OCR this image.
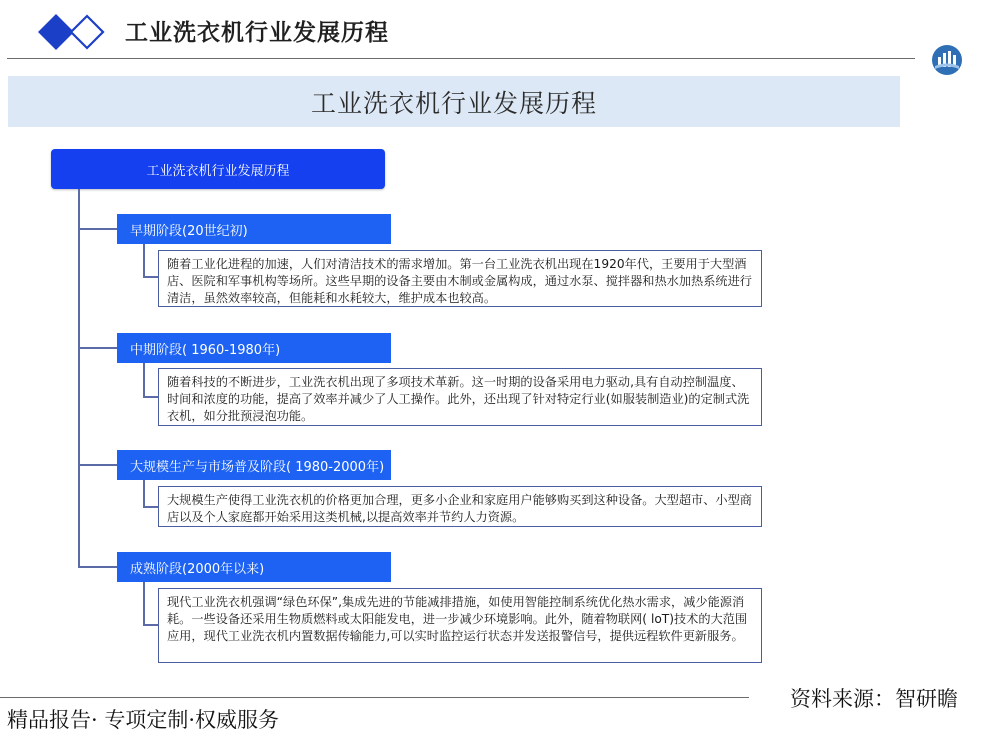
工业洗衣机行业发展历程
工业洗衣机行业发展历程
工业洗衣机行业发展历程
早期阶段(20世纪初)
随着工业化进程的加速，人们对清洁技术的需求增加。第一台工业洗衣机出现在1920年代，王要用于大型酒店、医院和军事机构等场所。这些早期的设备主要由木制或金属构成，通过水泵、搅拌器和热水加热系统进行清洁，虽然效率较高，但能耗和水耗较大，维护成本也较高。
中期阶段( 1960-1980年)
随着科技的不断进步，工业洗衣机出现了多项技术革新。这一时期的设备采用电力驱动,具有自动控制温度、时间和浓度的功能，提高了效率并减少了人工操作。此外，还出现了针对特定行业(如服装制造业)的定制式洗衣机，如分批预浸泡功能。
大规模生产与市场普及阶段( 1980-2000年)
大规模生产使得工业洗衣机的价格更加合理，更多小企业和家庭用户能够购买到这种设备。大型超市、小型商店以及个人家庭都开始采用这类机械,以提高效率并节约人力资源。
成熟阶段(2000年以来)
现代工业洗衣机强调“绿色环保”,集成先进的节能减排措施，如使用智能控制系统优化热水需求，减少能源消耗。一些设备还采用生物质燃料或太阳能发电，进一步减少环境影响。此外，随着物联网( loT)技术的大范围应用，现代工业洗衣机内置数据传输能力,可以实时监控运行状态并发送报警信号，提供远程软件更新服务。
资料来源：智研瞻
精品报告· 专项定制·权威服务
